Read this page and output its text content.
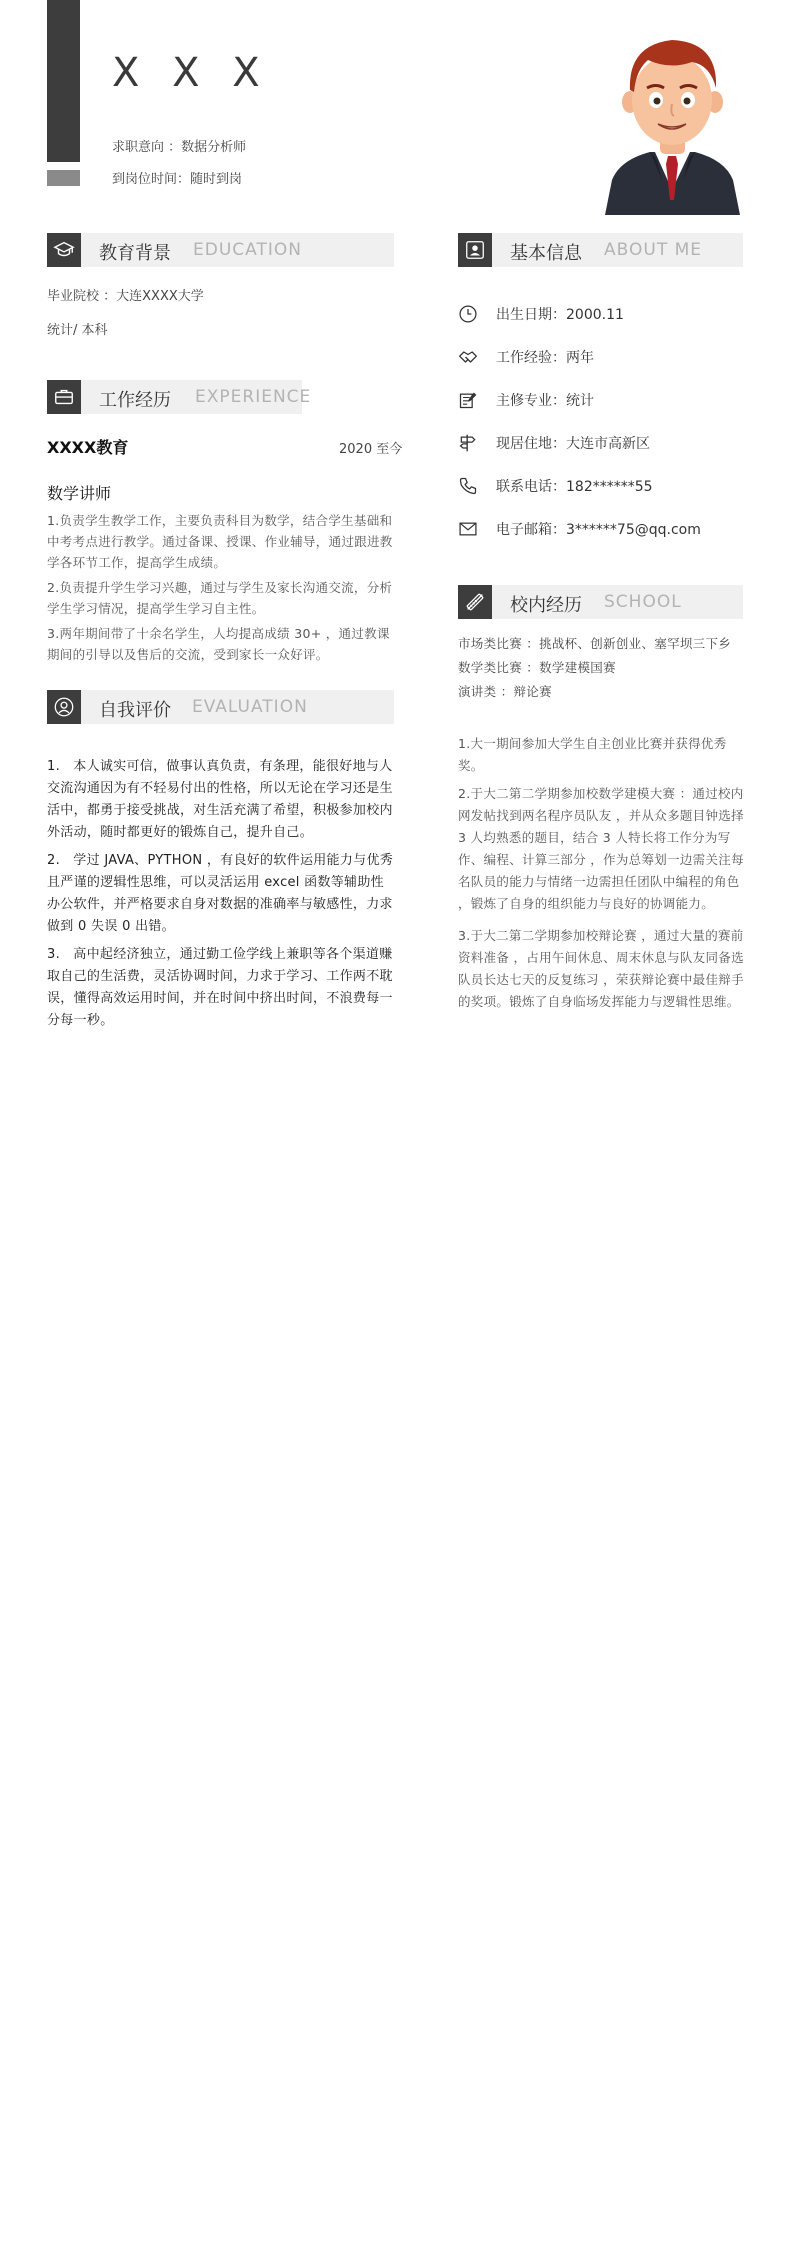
X X X
求职意向 ：数据分析师
到岗位时间：随时到岗
教育背景 EDUCATION
毕业院校 ：大连XXXX大学
统计/ 本科
工作经历 EXPERIENCE
XXXX教育	2020 至今
数学讲师
1.负责学生教学工作，主要负责科目为数学，结合学生基础和中考考点进行教学。通过备课、授课、作业辅导，通过跟进教学各环节工作，提高学生成绩。
2.负责提升学生学习兴趣，通过与学生及家长沟通交流，分析学生学习情况，提高学生学习自主性。
3.两年期间带了十余名学生，人均提高成绩 30+ ，通过教课期间的引导以及售后的交流，受到家长一众好评。
自我评价 EVALUATION
1.　本人诚实可信，做事认真负责，有条理，能很好地与人交流沟通因为有不轻易付出的性格，所以无论在学习还是生活中，都勇于接受挑战，对生活充满了希望，积极参加校内外活动，随时都更好的锻炼自己，提升自己。
2.　学过 JAVA、PYTHON ，有良好的软件运用能力与优秀且严谨的逻辑性思维，可以灵活运用 excel 函数等辅助性办公软件，并严格要求自身对数据的准确率与敏感性，力求做到 0 失误 0 出错。
3.　高中起经济独立，通过勤工俭学线上兼职等各个渠道赚取自己的生活费，灵活协调时间，力求于学习、工作两不耽误，懂得高效运用时间，并在时间中挤出时间，不浪费每一分每一秒。
基本信息 ABOUT ME
出生日期：2000.11
工作经验：两年
主修专业：统计
现居住地：大连市高新区
联系电话：182******55
电子邮箱：3******75@qq.com
校内经历 SCHOOL
市场类比赛 ：挑战杯、创新创业、塞罕坝三下乡
数学类比赛 ：数学建模国赛
演讲类 ：辩论赛
1.大一期间参加大学生自主创业比赛并获得优秀奖。
2.于大二第二学期参加校数学建模大赛 ：通过校内网发帖找到两名程序员队友 ，并从众多题目钟选择 3 人均熟悉的题目，结合 3 人特长将工作分为写作、编程、计算三部分 ，作为总筹划一边需关注每名队员的能力与情绪一边需担任团队中编程的角色 ，锻炼了自身的组织能力与良好的协调能力。
3.于大二第二学期参加校辩论赛 ，通过大量的赛前资料准备 ，占用午间休息、周末休息与队友同备选队员长达七天的反复练习 ，荣获辩论赛中最佳辩手的奖项。锻炼了自身临场发挥能力与逻辑性思维。
